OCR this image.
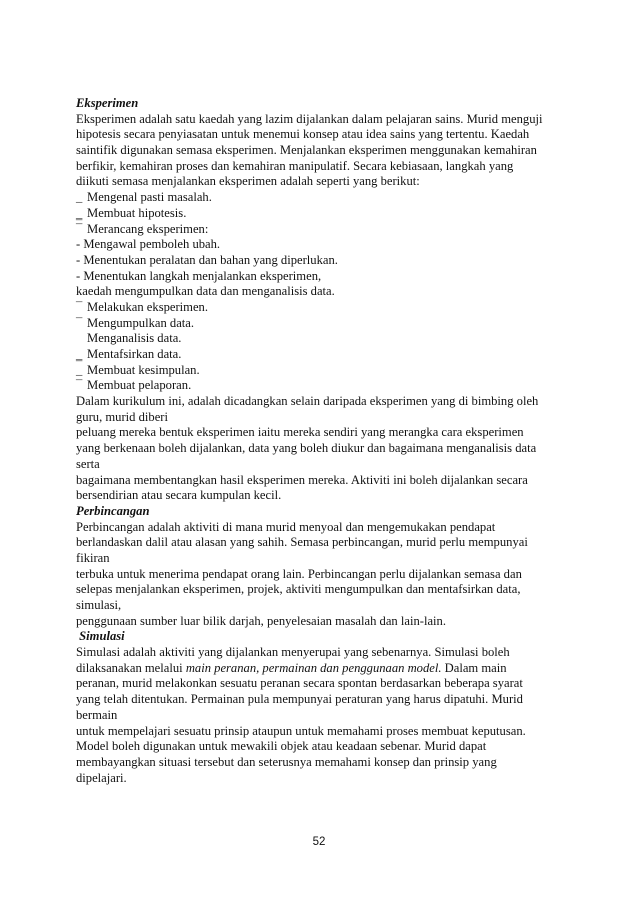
Eksperimen
Eksperimen adalah satu kaedah yang lazim dijalankan dalam pelajaran sains. Murid menguji
hipotesis secara penyiasatan untuk menemui konsep atau idea sains yang tertentu. Kaedah
saintifik digunakan semasa eksperimen. Menjalankan eksperimen menggunakan kemahiran
berfikir, kemahiran proses dan kemahiran manipulatif. Secara kebiasaan, langkah yang
diikuti semasa menjalankan eksperimen adalah seperti yang berikut:
_ Mengenal pasti masalah.
‗ Membuat hipotesis.
¯ Merancang eksperimen:
- Mengawal pemboleh ubah.
- Menentukan peralatan dan bahan yang diperlukan.
- Menentukan langkah menjalankan eksperimen,
kaedah mengumpulkan data dan menganalisis data.
¯ Melakukan eksperimen.
¯ Mengumpulkan data.
Menganalisis data.
‗ Mentafsirkan data.
_ Membuat kesimpulan.
¯ Membuat pelaporan.
Dalam kurikulum ini, adalah dicadangkan selain daripada eksperimen yang di bimbing oleh
guru, murid diberi
peluang mereka bentuk eksperimen iaitu mereka sendiri yang merangka cara eksperimen
yang berkenaan boleh dijalankan, data yang boleh diukur dan bagaimana menganalisis data
serta
bagaimana membentangkan hasil eksperimen mereka. Aktiviti ini boleh dijalankan secara
bersendirian atau secara kumpulan kecil.
Perbincangan
Perbincangan adalah aktiviti di mana murid menyoal dan mengemukakan pendapat
berlandaskan dalil atau alasan yang sahih. Semasa perbincangan, murid perlu mempunyai
fikiran
terbuka untuk menerima pendapat orang lain. Perbincangan perlu dijalankan semasa dan
selepas menjalankan eksperimen, projek, aktiviti mengumpulkan dan mentafsirkan data,
simulasi,
penggunaan sumber luar bilik darjah, penyelesaian masalah dan lain-lain.
Simulasi
Simulasi adalah aktiviti yang dijalankan menyerupai yang sebenarnya. Simulasi boleh
dilaksanakan melalui main peranan, permainan dan penggunaan model. Dalam main
peranan, murid melakonkan sesuatu peranan secara spontan berdasarkan beberapa syarat
yang telah ditentukan. Permainan pula mempunyai peraturan yang harus dipatuhi. Murid
bermain
untuk mempelajari sesuatu prinsip ataupun untuk memahami proses membuat keputusan.
Model boleh digunakan untuk mewakili objek atau keadaan sebenar. Murid dapat
membayangkan situasi tersebut dan seterusnya memahami konsep dan prinsip yang
dipelajari.
52
